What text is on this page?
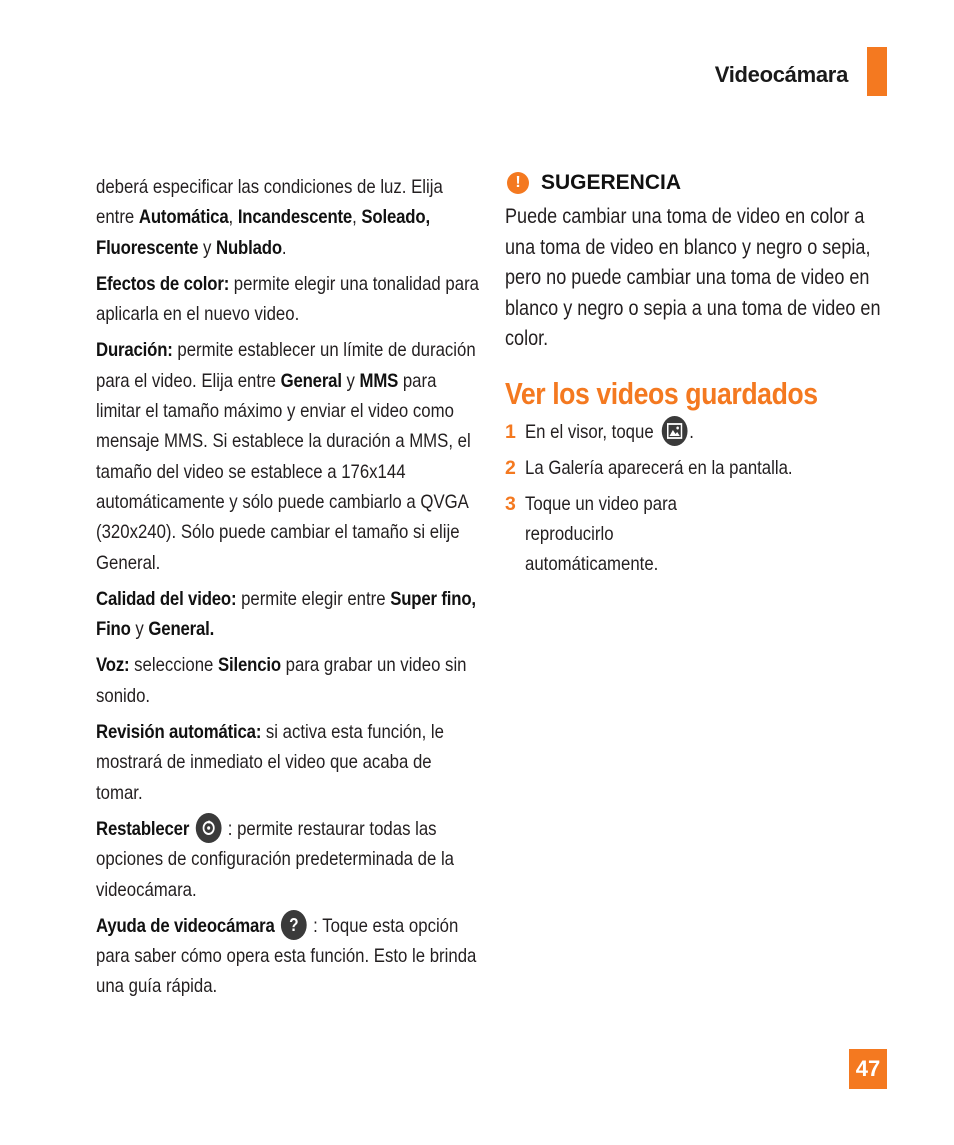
Videocámara

deberá especificar las condiciones de luz. Elija entre Automática, Incandescente, Soleado, Fluorescente y Nublado.

Efectos de color: permite elegir una tonalidad para aplicarla en el nuevo video.

Duración: permite establecer un límite de duración para el video. Elija entre General y MMS para limitar el tamaño máximo y enviar el video como mensaje MMS. Si establece la duración a MMS, el tamaño del video se establece a 176x144 automáticamente y sólo puede cambiarlo a QVGA (320x240). Sólo puede cambiar el tamaño si elije General.

Calidad del video: permite elegir entre Super fino, Fino y General.

Voz: seleccione Silencio para grabar un video sin sonido.

Revisión automática: si activa esta función, le mostrará de inmediato el video que acaba de tomar.

Restablecer
: permite restaurar todas las opciones de configuración predeterminada de la videocámara.

Ayuda de videocámara ? : Toque esta opción para saber cómo opera esta función. Esto le brinda una guía rápida.

! SUGERENCIA

Puede cambiar una toma de video en color a una toma de video en blanco y negro o sepia, pero no puede cambiar una toma de video en blanco y negro o sepia a una toma de video en color.

Ver los videos guardados
1 En el visor, toque .
2 La Galería aparecerá en la pantalla.
3 Toque un video para reproducirlo automáticamente.
47
